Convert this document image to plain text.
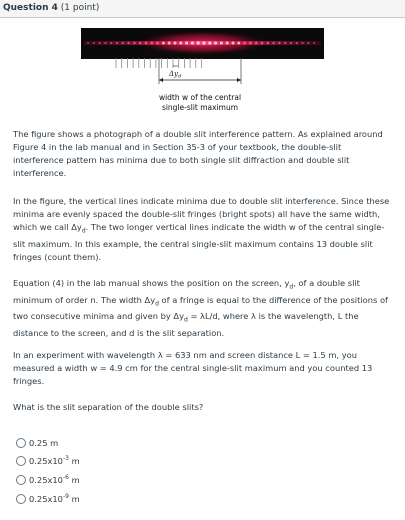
Question 4 (1 point)
$\Delta y_d$
width w of the central
single-slit maximum

The figure shows a photograph of a double slit interference pattern. As explained around Figure 4 in the lab manual and in Section 35-3 of your textbook, the double-slit interference pattern has minima due to both single slit diffraction and double slit interference.

In the figure, the vertical lines indicate minima due to double slit interference. Since these minima are evenly spaced the double-slit fringes (bright spots) all have the same width, which we call $\Delta y_d$. The two longer vertical lines indicate the width w of the central single-slit maximum. In this example, the central single-slit maximum contains 13 double slit fringes (count them).

Equation (4) in the lab manual shows the position on the screen, $y_d$, of a double slit minimum of order n. The width $\Delta y_d$ of a fringe is equal to the difference of the positions of two consecutive minima and given by $\Delta y_d = \lambda L/d$, where λ is the wavelength, L the distance to the screen, and d is the slit separation.

In an experiment with wavelength λ = 633 nm and screen distance L = 1.5 m, you measured a width w = 4.9 cm for the central single-slit maximum and you counted 13 fringes.

What is the slit separation of the double slits?

0.25 m
$0.25x10^{-3}$ m
$0.25x10^{-6}$ m
$0.25x10^{-9}$ m
